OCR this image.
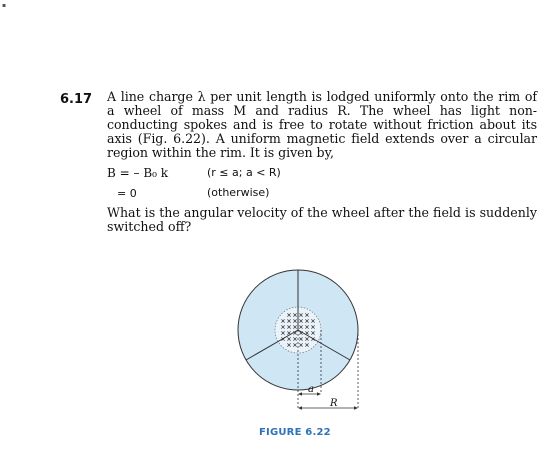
▪
6.17 A line charge λ per unit length is lodged uniformly onto the rim of a wheel of mass M and radius R. The wheel has light non-conducting spokes and is free to rotate without friction about its axis (Fig. 6.22). A uniform magnetic field extends over a circular region within the rim. It is given by,

B = – B₀ k	(r ≤ a; a < R)
= 0	(otherwise)
What is the angular velocity of the wheel after the field is suddenly switched off?
a
R
FIGURE 6.22
